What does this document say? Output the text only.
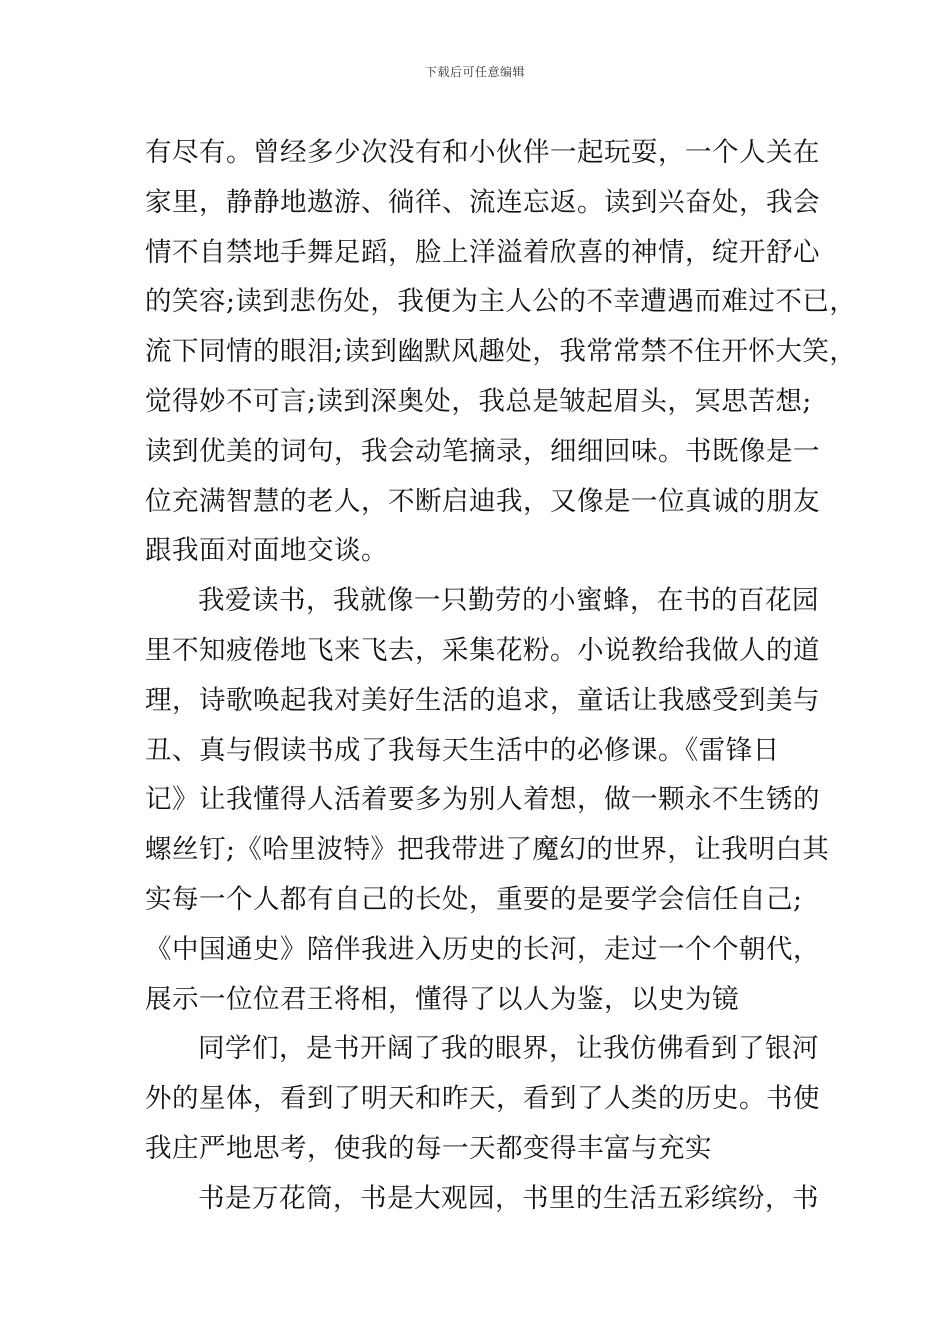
下载后可任意编辑
有尽有。曾经多少次没有和小伙伴一起玩耍，一个人关在
家里，静静地遨游、徜徉、流连忘返。读到兴奋处，我会
情不自禁地手舞足蹈，脸上洋溢着欣喜的神情，绽开舒心
的笑容;读到悲伤处，我便为主人公的不幸遭遇而难过不已，
流下同情的眼泪;读到幽默风趣处，我常常禁不住开怀大笑，
觉得妙不可言;读到深奥处，我总是皱起眉头，冥思苦想;
读到优美的词句，我会动笔摘录，细细回味。书既像是一
位充满智慧的老人，不断启迪我，又像是一位真诚的朋友
跟我面对面地交谈。
我爱读书，我就像一只勤劳的小蜜蜂，在书的百花园
里不知疲倦地飞来飞去，采集花粉。小说教给我做人的道
理，诗歌唤起我对美好生活的追求，童话让我感受到美与
丑、真与假读书成了我每天生活中的必修课。《雷锋日
记》让我懂得人活着要多为别人着想，做一颗永不生锈的
螺丝钉;《哈里波特》把我带进了魔幻的世界，让我明白其
实每一个人都有自己的长处，重要的是要学会信任自己;
《中国通史》陪伴我进入历史的长河，走过一个个朝代，
展示一位位君王将相，懂得了以人为鉴，以史为镜
同学们，是书开阔了我的眼界，让我仿佛看到了银河
外的星体，看到了明天和昨天，看到了人类的历史。书使
我庄严地思考，使我的每一天都变得丰富与充实
书是万花筒，书是大观园，书里的生活五彩缤纷，书
